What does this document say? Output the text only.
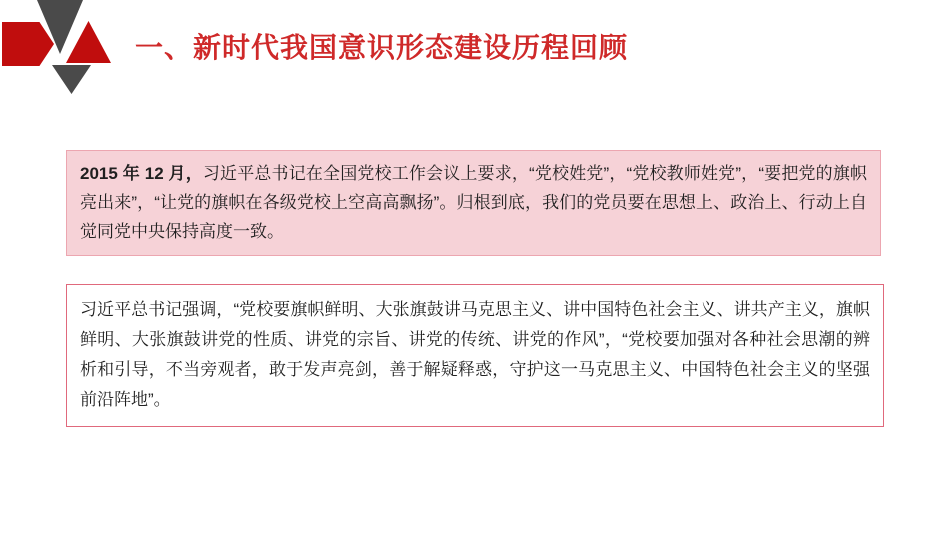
一、新时代我国意识形态建设历程回顾

2015 年 12 月，习近平总书记在全国党校工作会议上要求，“党校姓党”，“党校教师姓党”，“要把党的旗帜亮出来”，“让党的旗帜在各级党校上空高高飘扬”。归根到底，我们的党员要在思想上、政治上、行动上自觉同党中央保持高度一致。

习近平总书记强调，“党校要旗帜鲜明、大张旗鼓讲马克思主义、讲中国特色社会主义、讲共产主义，旗帜鲜明、大张旗鼓讲党的性质、讲党的宗旨、讲党的传统、讲党的作风”，“党校要加强对各种社会思潮的辨析和引导，不当旁观者，敢于发声亮剑，善于解疑释惑，守护这一马克思主义、中国特色社会主义的坚强前沿阵地”。
